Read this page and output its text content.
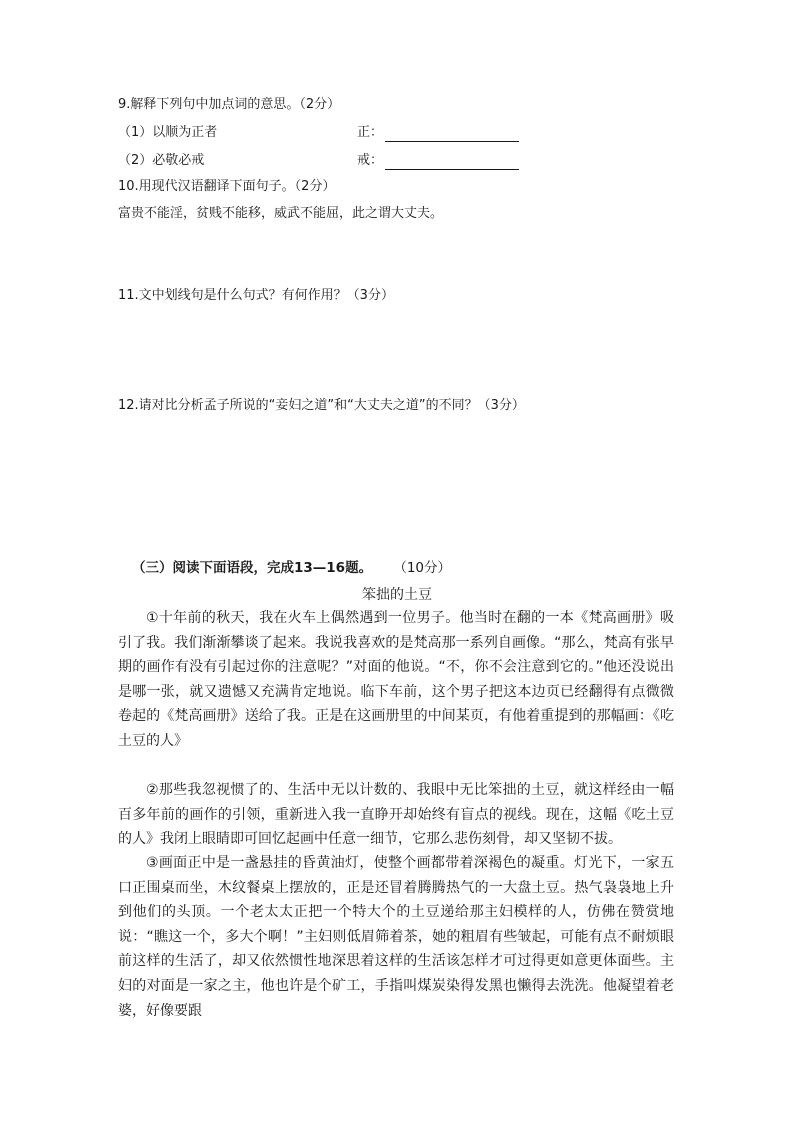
9.解释下列句中加点词的意思。（2分）
（1）以顺为正者	正：
（2）必敬必戒	戒：
10.用现代汉语翻译下面句子。（2分）
富贵不能淫，贫贱不能移，威武不能屈，此之谓大丈夫。
11.文中划线句是什么句式？有何作用？（3分）
12.请对比分析孟子所说的“妾妇之道”和“大丈夫之道”的不同？（3分）
（三）阅读下面语段，完成13—16题。 （10分）
笨拙的土豆

①十年前的秋天，我在火车上偶然遇到一位男子。他当时在翻的一本《梵高画册》吸引了我。我们渐渐攀谈了起来。我说我喜欢的是梵高那一系列自画像。“那么，梵高有张早期的画作有没有引起过你的注意呢？”对面的他说。“不，你不会注意到它的。”他还没说出是哪一张，就又遗憾又充满肯定地说。临下车前，这个男子把这本边页已经翻得有点微微卷起的《梵高画册》送给了我。正是在这画册里的中间某页，有他着重提到的那幅画：《吃土豆的人》

②那些我忽视惯了的、生活中无以计数的、我眼中无比笨拙的土豆，就这样经由一幅百多年前的画作的引领，重新进入我一直睁开却始终有盲点的视线。现在，这幅《吃土豆的人》我闭上眼睛即可回忆起画中任意一细节，它那么悲伤刻骨，却又坚韧不拔。

③画面正中是一盏悬挂的昏黄油灯，使整个画都带着深褐色的凝重。灯光下，一家五口正围桌而坐，木纹餐桌上摆放的，正是还冒着腾腾热气的一大盘土豆。热气袅袅地上升到他们的头顶。一个老太太正把一个特大个的土豆递给那主妇模样的人，仿佛在赞赏地说：“瞧这一个，多大个啊！”主妇则低眉筛着茶，她的粗眉有些皱起，可能有点不耐烦眼前这样的生活了，却又依然惯性地深思着这样的生活该怎样才可过得更如意更体面些。主妇的对面是一家之主，他也许是个矿工，手指叫煤炭染得发黑也懒得去洗洗。他凝望着老婆，好像要跟
